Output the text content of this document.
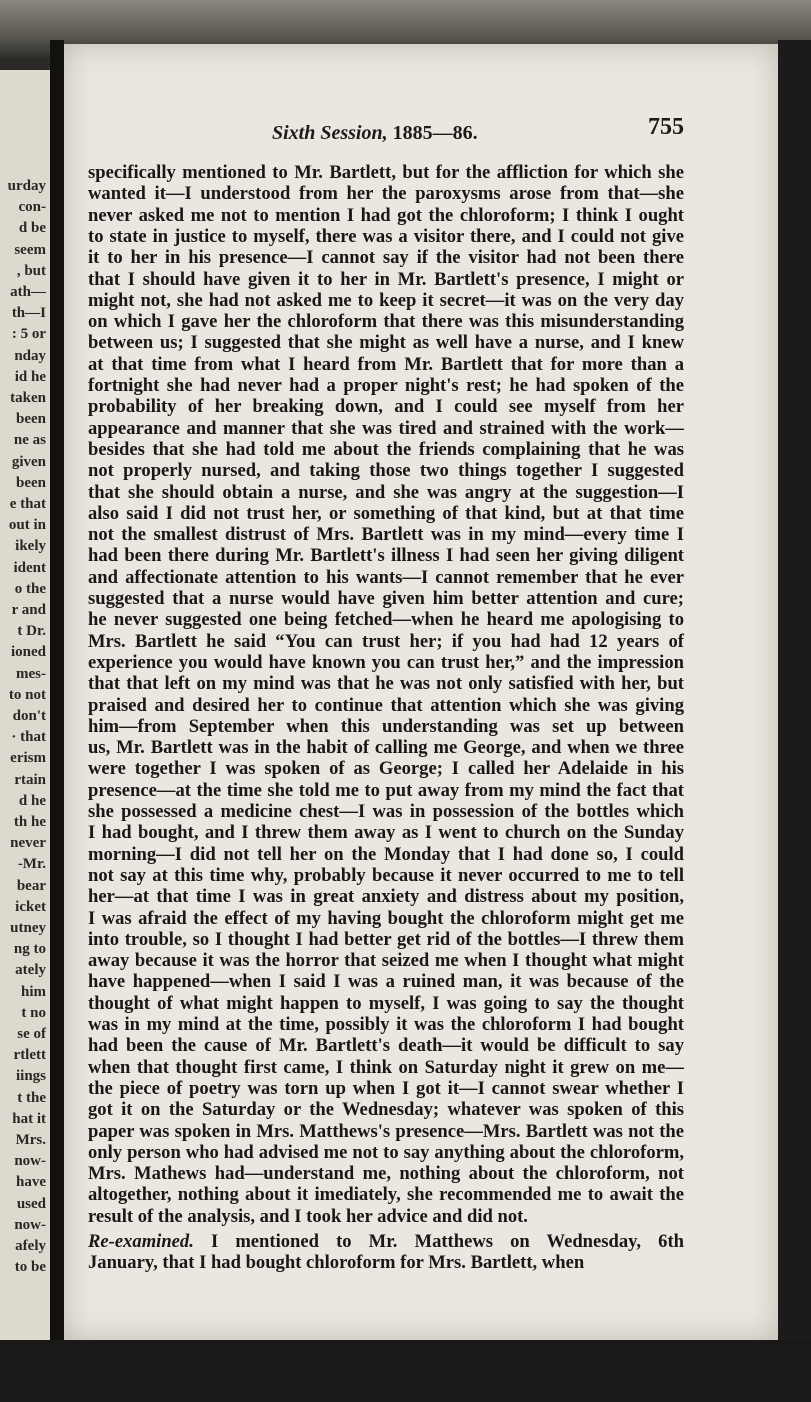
urday
con-
d be
seem
, but
ath—
th—I
: 5 or
nday
id he
taken
been
ne as
given
been
e that
out in
ikely
ident
o the
r and
t Dr.
ioned
mes-
to not
don't
· that
erism
rtain
d he
th he
never
-Mr.
bear
icket
utney
ng to
ately
him
t no
se of
rtlett
iings
t the
hat it
Mrs.
now-
have
used
now-
afely
to be
Sixth Session, 1885—86.	755
specifically mentioned to Mr. Bartlett, but for the affliction for which she
wanted it—I understood from her the paroxysms arose from that—she
never asked me not to mention I had got the chloroform; I think I ought
to state in justice to myself, there was a visitor there, and I could not give
it to her in his presence—I cannot say if the visitor had not been there
that I should have given it to her in Mr. Bartlett's presence, I might or
might not, she had not asked me to keep it secret—it was on the very day
on which I gave her the chloroform that there was this misunderstanding
between us; I suggested that she might as well have a nurse, and I knew
at that time from what I heard from Mr. Bartlett that for more than a
fortnight she had never had a proper night's rest; he had spoken of the
probability of her breaking down, and I could see myself from her
appearance and manner that she was tired and strained with the work—
besides that she had told me about the friends complaining that he was
not properly nursed, and taking those two things together I suggested
that she should obtain a nurse, and she was angry at the suggestion—I
also said I did not trust her, or something of that kind, but at that time
not the smallest distrust of Mrs. Bartlett was in my mind—every time I
had been there during Mr. Bartlett's illness I had seen her giving diligent
and affectionate attention to his wants—I cannot remember that he ever
suggested that a nurse would have given him better attention and cure;
he never suggested one being fetched—when he heard me apologising to
Mrs. Bartlett he said “You can trust her; if you had had 12 years of
experience you would have known you can trust her,” and the impression
that that left on my mind was that he was not only satisfied with her, but
praised and desired her to continue that attention which she was giving
him—from September when this understanding was set up between
us, Mr. Bartlett was in the habit of calling me George, and when we three
were together I was spoken of as George; I called her Adelaide in his
presence—at the time she told me to put away from my mind the fact that
she possessed a medicine chest—I was in possession of the bottles which
I had bought, and I threw them away as I went to church on the Sunday
morning—I did not tell her on the Monday that I had done so, I could
not say at this time why, probably because it never occurred to me to tell
her—at that time I was in great anxiety and distress about my position,
I was afraid the effect of my having bought the chloroform might get me
into trouble, so I thought I had better get rid of the bottles—I threw them
away because it was the horror that seized me when I thought what might
have happened—when I said I was a ruined man, it was because of the
thought of what might happen to myself, I was going to say the thought
was in my mind at the time, possibly it was the chloroform I had bought
had been the cause of Mr. Bartlett's death—it would be difficult to say
when that thought first came, I think on Saturday night it grew on me—
the piece of poetry was torn up when I got it—I cannot swear whether I
got it on the Saturday or the Wednesday; whatever was spoken of this
paper was spoken in Mrs. Matthews's presence—Mrs. Bartlett was not the
only person who had advised me not to say anything about the chloroform,
Mrs. Mathews had—understand me, nothing about the chloroform, not
altogether, nothing about it imediately, she recommended me to await the
result of the analysis, and I took her advice and did not.
Re-examined. I mentioned to Mr. Matthews on Wednesday, 6th
January, that I had bought chloroform for Mrs. Bartlett, when
